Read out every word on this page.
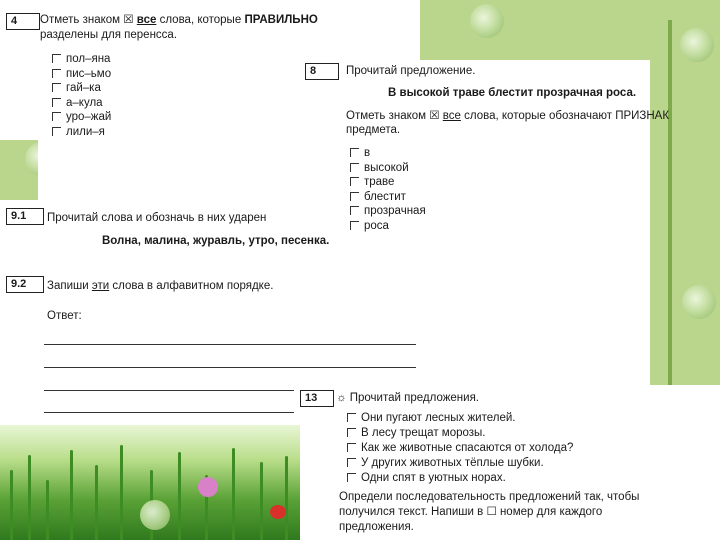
4	Отметь знаком ☒ все слова, которые ПРАВИЛЬНО
разделены для перенсса.
пол–яна
пис–ьмо
гай–ка
а–кула
уро–жай
лили–я
8	Прочитай предложение.
В высокой траве блестит прозрачная роса.
Отметь знаком ☒ все слова, которые обозначают ПРИЗНАК
предмета.
в
высокой
траве
блестит
прозрачная
роса
9.1	Прочитай слова и обозначь в них ударен
Волна, малина, журавль, утро, песенка.
9.2	Запиши эти слова в алфавитном порядке.
Ответ:
13	☼ Прочитай предложения.
Они пугают лесных жителей.
В лесу трещат морозы.
Как же животные спасаются от холода?
У других животных тёплые шубки.
Одни спят в уютных норах.
Определи последовательность предложений так, чтобы
получился текст. Напиши в ☐ номер для каждого
предложения.
